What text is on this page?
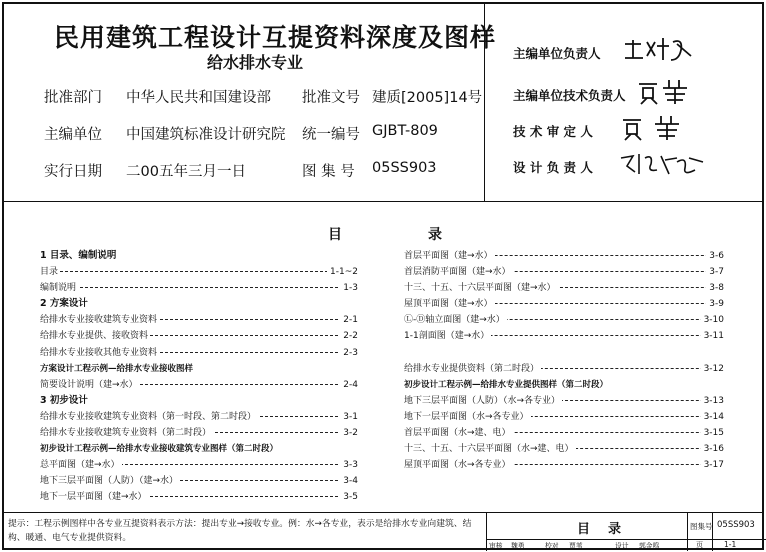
民用建筑工程设计互提资料深度及图样
给水排水专业
批准部门 中华人民共和国建设部 批准文号 建质[2005]14号
主编单位 中国建筑标准设计研究院 统一编号 GJBT-809
实行日期 二00五年三月一日	图 集 号 05SS903
主编单位负责人
主编单位技术负责人
技 术 审 定 人
设 计 负 责 人
目	录
1 目录、编制说明
目录	1-1~2
编制说明	1-3
2 方案设计
给排水专业接收建筑专业资料	2-1
给排水专业提供、接收资料	2-2
给排水专业接收其他专业资料	2-3
方案设计工程示例—给排水专业接收图样
简要设计说明（建→水）	2-4
3 初步设计
给排水专业接收建筑专业资料（第一时段、第二时段）	3-1
给排水专业接收建筑专业资料（第二时段）	3-2
初步设计工程示例—给排水专业接收建筑专业图样（第二时段）
总平面图（建→水）	3-3
地下三层平面图（人防）（建→水）	3-4
地下一层平面图（建→水）	3-5
首层平面图（建→水）	3-6
首层消防平面图（建→水）	3-7
十三、十五、十六层平面图（建→水）	3-8
屋顶平面图（建→水）	3-9
Ⓛ-Ⓓ轴立面图（建→水）	3-10
1-1剖面图（建→水）	3-11
给排水专业提供资料（第二时段）	3-12
初步设计工程示例—给排水专业提供图样（第二时段）
地下三层平面图（人防）（水→各专业）	3-13
地下一层平面图（水→各专业）	3-14
首层平面图（水→建、电）	3-15
十三、十五、十六层平面图（水→建、电）	3-16
屋顶平面图（水→各专业）	3-17
提示：工程示例图样中各专业互提资料表示方法：提出专业→接收专业。例：水→各专业，表示是给排水专业向建筑、结构、暖通、电气专业提供资料。
目录	图集号 05SS903
页	1-1
审核 魏勇	校对 贾苇	设计 郭金鸣
